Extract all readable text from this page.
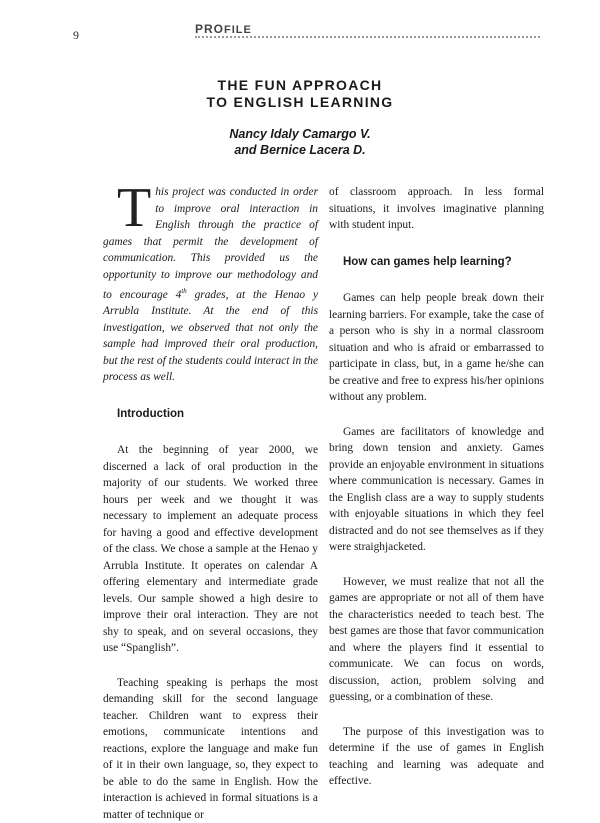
9	PROFILE
THE FUN APPROACH
TO ENGLISH LEARNING
Nancy Idaly Camargo V.
and Bernice Lacera D.

This project was conducted in order to improve oral interaction in English through the practice of games that permit the development of communication. This provided us the opportunity to improve our methodology and to encourage 4th grades, at the Henao y Arrubla Institute. At the end of this investigation, we observed that not only the sample had improved their oral production, but the rest of the students could interact in the process as well.

Introduction

At the beginning of year 2000, we discerned a lack of oral production in the majority of our students. We worked three hours per week and we thought it was necessary to implement an adequate process for having a good and effective development of the class. We chose a sample at the Henao y Arrubla Institute. It operates on calendar A offering elementary and intermediate grade levels. Our sample showed a high desire to improve their oral interaction. They are not shy to speak, and on several occasions, they use “Spanglish”.

Teaching speaking is perhaps the most demanding skill for the second language teacher. Children want to express their emotions, communicate intentions and reactions, explore the language and make fun of it in their own language, so, they expect to be able to do the same in English. How the interaction is achieved in formal situations is a matter of technique or

of classroom approach. In less formal situations, it involves imaginative planning with student input.

How can games help learning?

Games can help people break down their learning barriers. For example, take the case of a person who is shy in a normal classroom situation and who is afraid or embarrassed to participate in class, but, in a game he/she can be creative and free to express his/her opinions without any problem.

Games are facilitators of knowledge and bring down tension and anxiety. Games provide an enjoyable environment in situations where communication is necessary. Games in the English class are a way to supply students with enjoyable situations in which they feel distracted and do not see themselves as if they were straighjacketed.

However, we must realize that not all the games are appropriate or not all of them have the characteristics needed to teach best. The best games are those that favor communication and where the players find it essential to communicate. We can focus on words, discussion, action, problem solving and guessing, or a combination of these.

The purpose of this investigation was to determine if the use of games in English teaching and learning was adequate and effective.
